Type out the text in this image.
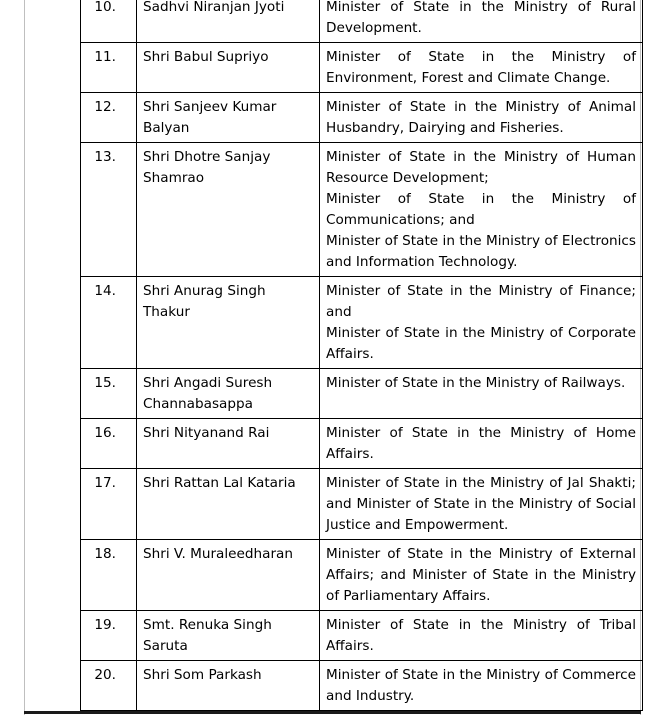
10.	Sadhvi Niranjan Jyoti	Minister of State in the Ministry of Rural Development.

11.	Shri Babul Supriyo	Minister of State in the Ministry of Environment, Forest and Climate Change.

12.	Shri Sanjeev Kumar Balyan	Minister of State in the Ministry of Animal Husbandry, Dairying and Fisheries.

13.	Shri Dhotre Sanjay Shamrao	Minister of State in the Ministry of Human Resource Development;
Minister of State in the Ministry of Communications; and
Minister of State in the Ministry of Electronics and Information Technology.

14.	Shri Anurag Singh Thakur	Minister of State in the Ministry of Finance; and
Minister of State in the Ministry of Corporate Affairs.

15.	Shri Angadi Suresh Channabasappa	Minister of State in the Ministry of Railways.

16.	Shri Nityanand Rai	Minister of State in the Ministry of Home Affairs.

17.	Shri Rattan Lal Kataria	Minister of State in the Ministry of Jal Shakti; and Minister of State in the Ministry of Social Justice and Empowerment.

18.	Shri V. Muraleedharan	Minister of State in the Ministry of External Affairs; and Minister of State in the Ministry of Parliamentary Affairs.

19.	Smt. Renuka Singh Saruta	Minister of State in the Ministry of Tribal Affairs.

20.	Shri Som Parkash	Minister of State in the Ministry of Commerce and Industry.
